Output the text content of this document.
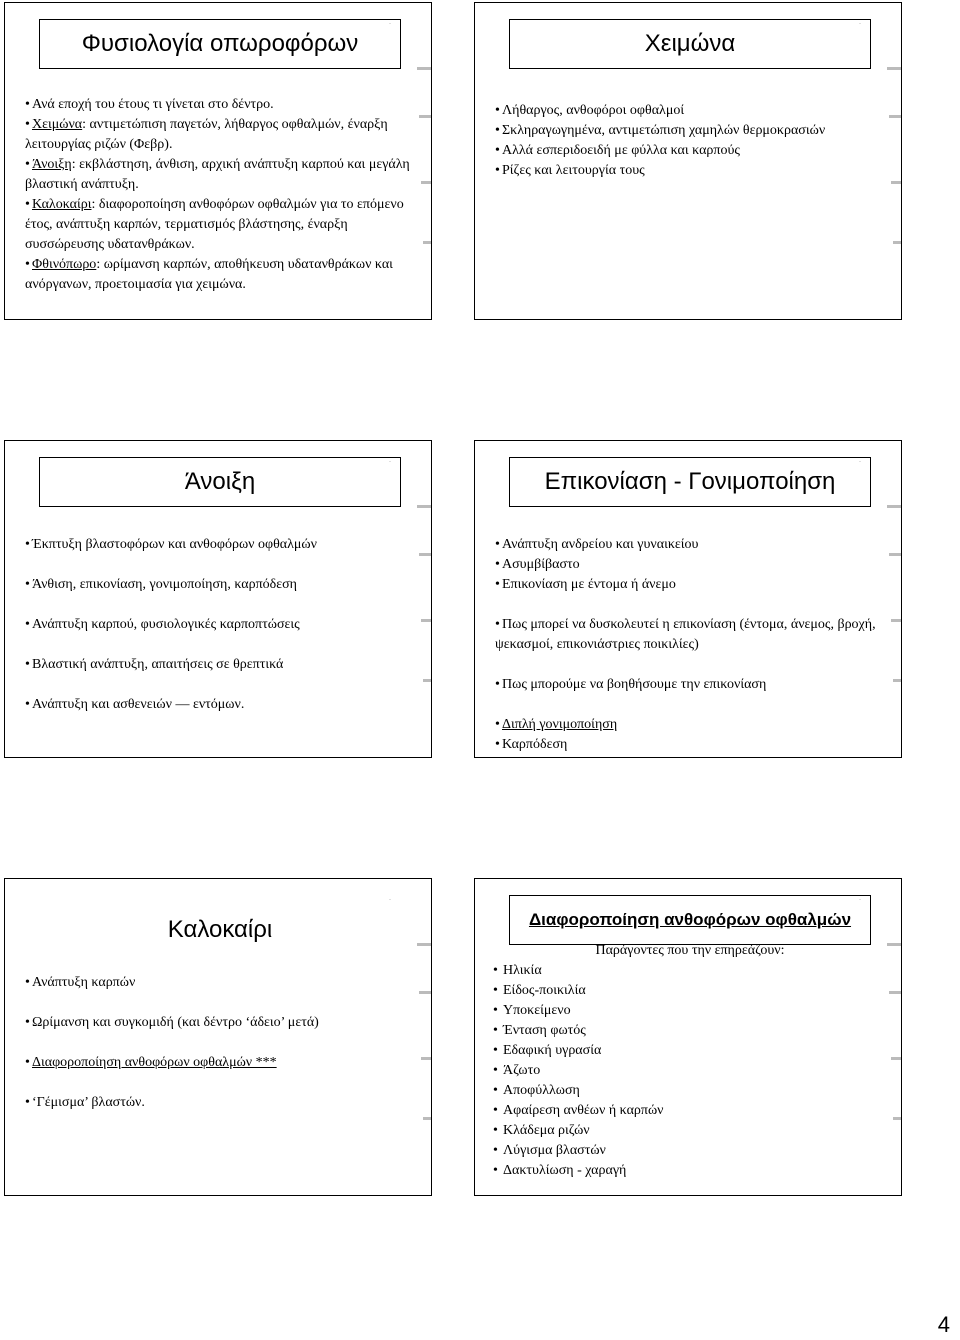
Φυσιολογία οπωροφόρων
·

• Ανά εποχή του έτους τι γίνεται στο δέντρο.

• Χειμώνα: αντιμετώπιση παγετών, λήθαργος οφθαλμών, έναρξη λειτουργίας ριζών (Φεβρ).

• Άνοιξη: εκβλάστηση, άνθιση, αρχική ανάπτυξη καρπού και μεγάλη βλαστική ανάπτυξη.

• Καλοκαίρι: διαφοροποίηση ανθοφόρων οφθαλμών για το επόμενο έτος, ανάπτυξη καρπών, τερματισμός βλάστησης, έναρξη συσσώρευσης υδατανθράκων.

• Φθινόπωρο: ωρίμανση καρπών, αποθήκευση υδατανθράκων και ανόργανων, προετοιμασία για χειμώνα.

Χειμώνα
·

• Λήθαργος, ανθοφόροι οφθαλμοί

• Σκληραγωγημένα, αντιμετώπιση χαμηλών θερμοκρασιών

• Αλλά εσπεριδοειδή με φύλλα και καρπούς

• Ρίζες και λειτουργία τους

Άνοιξη
·

• Έκπτυξη βλαστοφόρων και ανθοφόρων οφθαλμών

• Άνθιση, επικονίαση, γονιμοποίηση, καρπόδεση

• Ανάπτυξη καρπού, φυσιολογικές καρποπτώσεις

• Βλαστική ανάπτυξη, απαιτήσεις σε θρεπτικά

• Ανάπτυξη και ασθενειών — εντόμων.

Επικονίαση - Γονιμοποίηση
·

• Ανάπτυξη ανδρείου και γυναικείου

• Ασυμβίβαστο

• Επικονίαση με έντομα ή άνεμο

• Πως μπορεί να δυσκολευτεί η επικονίαση (έντομα, άνεμος, βροχή, ψεκασμοί, επικονιάστριες ποικιλίες)

• Πως μπορούμε να βοηθήσουμε την επικονίαση

• Διπλή γονιμοποίηση

• Καρπόδεση

Καλοκαίρι
·

• Ανάπτυξη καρπών

• Ωρίμανση και συγκομιδή (και δέντρο ‘άδειο’ μετά)

• Διαφοροποίηση ανθοφόρων οφθαλμών ***

• ‘Γέμισμα’ βλαστών.

Διαφοροποίηση ανθοφόρων οφθαλμών
·

Παράγοντες που την επηρεάζουν:

• Ηλικία

• Είδος-ποικιλία

• Υποκείμενο

• Ένταση φωτός

• Εδαφική υγρασία

• Άζωτο

• Αποφύλλωση

• Αφαίρεση ανθέων ή καρπών

• Κλάδεμα ριζών

• Λύγισμα βλαστών

• Δακτυλίωση - χαραγή

4
